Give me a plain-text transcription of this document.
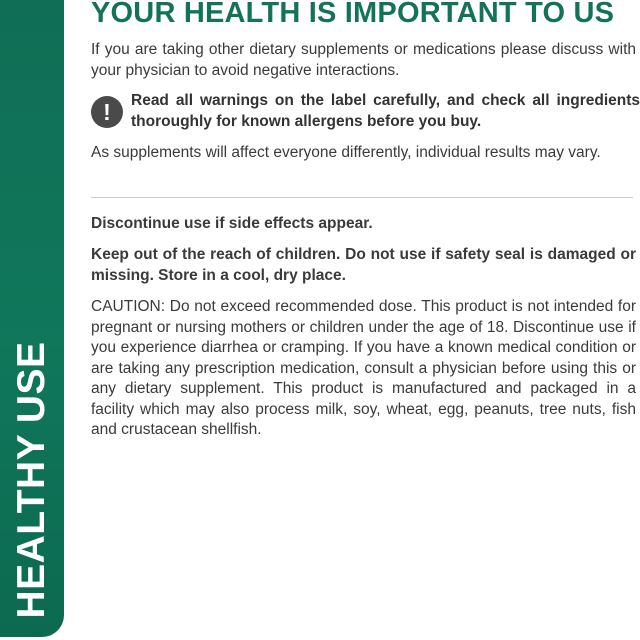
HEALTHY USE
YOUR HEALTH IS IMPORTANT TO US

If you are taking other dietary supplements or medications please discuss with your physician to avoid negative interactions.

!	Read all warnings on the label carefully, and check all ingredients thoroughly for known allergens before you buy.

As supplements will affect everyone differently, individual results may vary.

Discontinue use if side effects appear.

Keep out of the reach of children. Do not use if safety seal is damaged or missing. Store in a cool, dry place.

CAUTION: Do not exceed recommended dose. This product is not intended for pregnant or nursing mothers or children under the age of 18. Discontinue use if you experience diarrhea or cramping. If you have a known medical condition or are taking any prescription medication, consult a physician before using this or any dietary supplement. This product is manufactured and packaged in a facility which may also process milk, soy, wheat, egg, peanuts, tree nuts, fish and crustacean shellfish.
